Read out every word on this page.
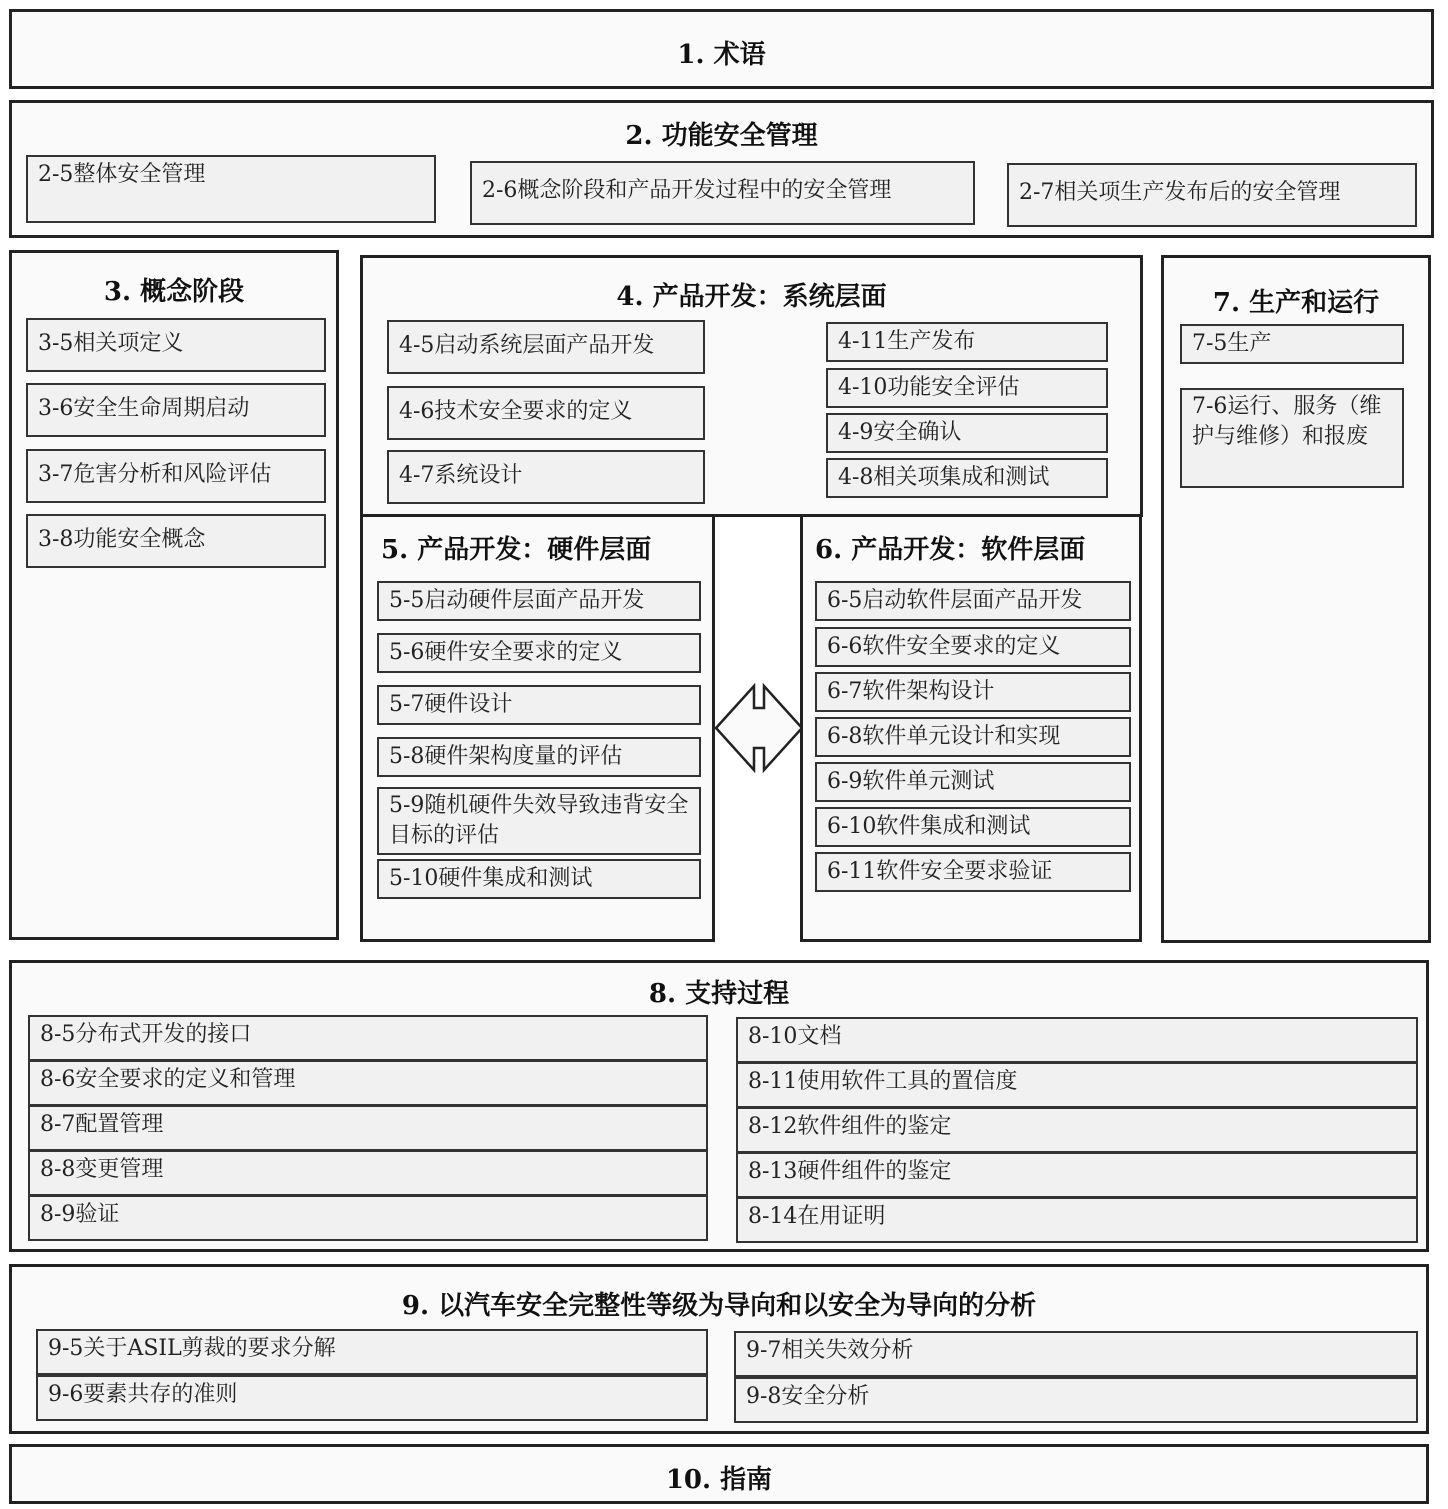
1. 术语
2. 功能安全管理
2-5整体安全管理
2-6概念阶段和产品开发过程中的安全管理	2-7相关项生产发布后的安全管理
3. 概念阶段
3-5相关项定义
3-6安全生命周期启动
3-7危害分析和风险评估
3-8功能安全概念
4. 产品开发：系统层面
4-5启动系统层面产品开发
4-6技术安全要求的定义
4-7系统设计
4-11生产发布
4-10功能安全评估
4-9安全确认
4-8相关项集成和测试
5. 产品开发：硬件层面
5-5启动硬件层面产品开发
5-6硬件安全要求的定义
5-7硬件设计
5-8硬件架构度量的评估
5-9随机硬件失效导致违背安全目标的评估
5-10硬件集成和测试
6. 产品开发：软件层面
6-5启动软件层面产品开发
6-6软件安全要求的定义
6-7软件架构设计
6-8软件单元设计和实现
6-9软件单元测试
6-10软件集成和测试
6-11软件安全要求验证
7. 生产和运行
7-5生产
7-6运行、服务（维护与维修）和报废
8. 支持过程
8-5分布式开发的接口
8-6安全要求的定义和管理
8-7配置管理
8-8变更管理
8-9验证
8-10文档
8-11使用软件工具的置信度
8-12软件组件的鉴定
8-13硬件组件的鉴定
8-14在用证明
9. 以汽车安全完整性等级为导向和以安全为导向的分析
9-5关于ASIL剪裁的要求分解
9-6要素共存的准则
9-7相关失效分析
9-8安全分析
10. 指南
